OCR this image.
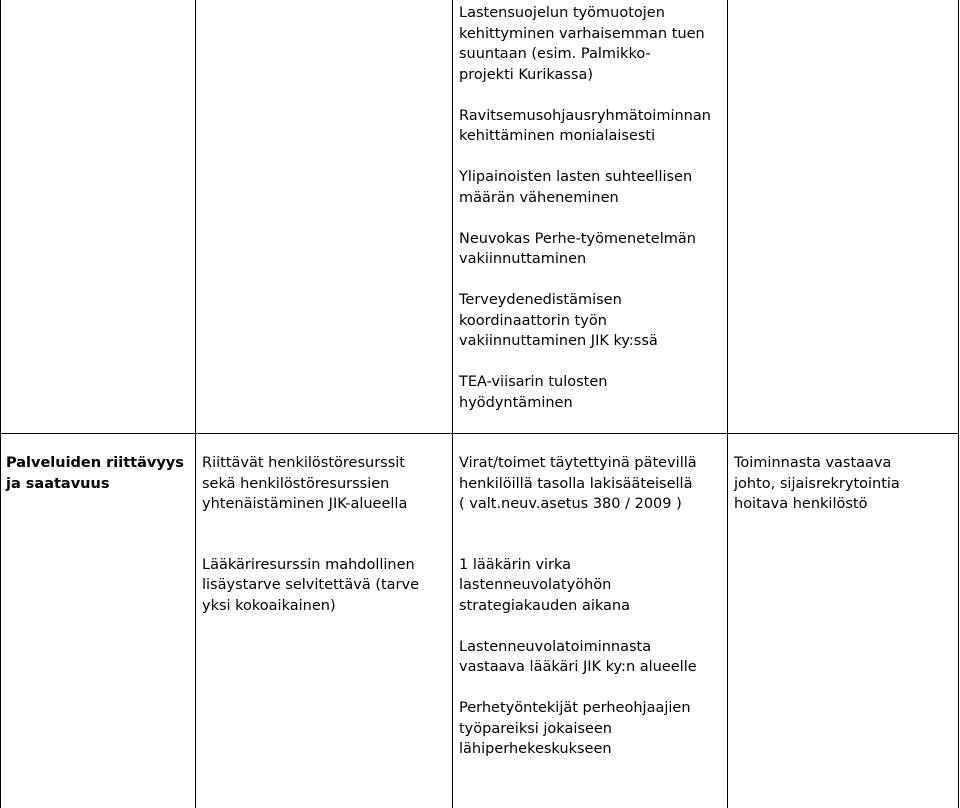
Lastensuojelun työmuotojen
kehittyminen varhaisemman tuen
suuntaan (esim. Palmikko-
projekti Kurikassa)
Ravitsemusohjausryhmätoiminnan
kehittäminen monialaisesti
Ylipainoisten lasten suhteellisen
määrän väheneminen
Neuvokas Perhe-työmenetelmän
vakiinnuttaminen
Terveydenedistämisen
koordinaattorin työn
vakiinnuttaminen JIK ky:ssä
TEA-viisarin tulosten
hyödyntäminen
Palveluiden riittävyys
ja saatavuus
Riittävät henkilöstöresurssit
sekä henkilöstöresurssien
yhtenäistäminen JIK-alueella
Lääkäriresurssin mahdollinen
lisäystarve selvitettävä (tarve
yksi kokoaikainen)
Virat/toimet täytettyinä pätevillä
henkilöillä tasolla lakisääteisellä
( valt.neuv.asetus 380 / 2009 )
1 lääkärin virka
lastenneuvolatyöhön
strategiakauden aikana
Lastenneuvolatoiminnasta
vastaava lääkäri JIK ky:n alueelle
Perhetyöntekijät perheohjaajien
työpareiksi jokaiseen
lähiperhekeskukseen
Toiminnasta vastaava
johto, sijaisrekrytointia
hoitava henkilöstö
